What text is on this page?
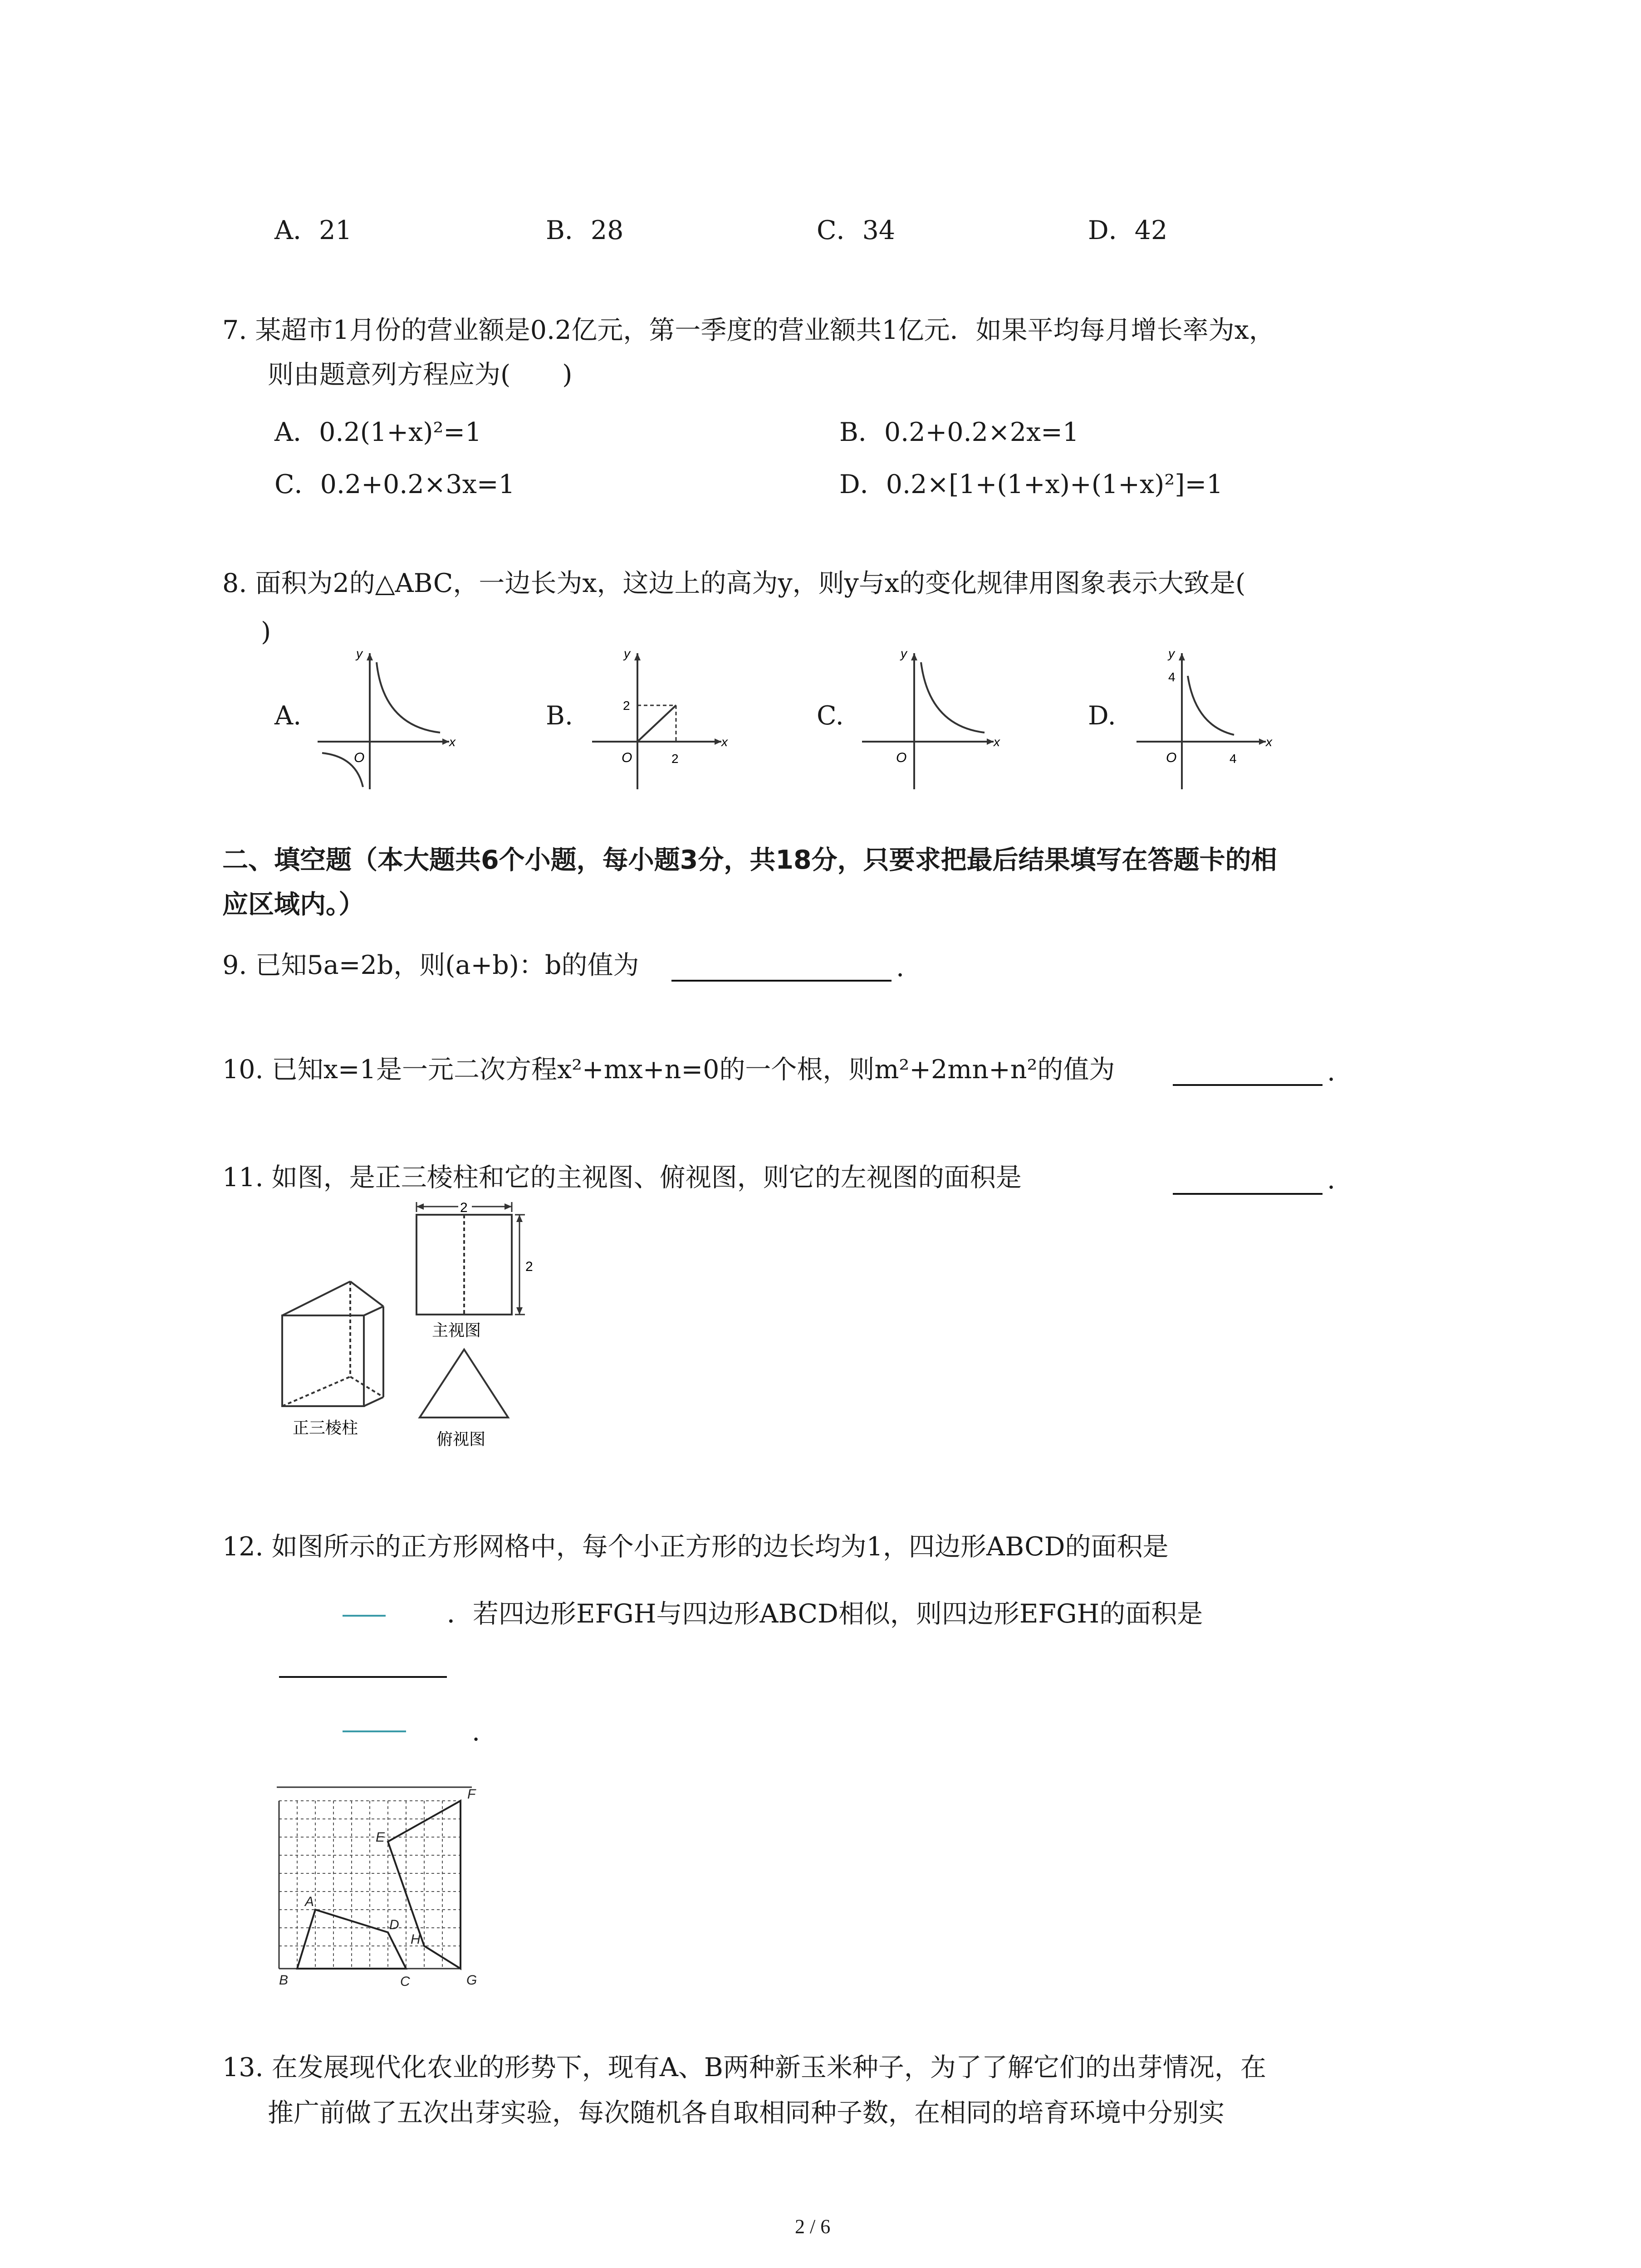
A．21	B．28	C．34	D．42
7. 某超市1月份的营业额是0.2亿元，第一季度的营业额共1亿元．如果平均每月增长率为x，
则由题意列方程应为(　　)
A．0.2(1+x)²=1	B．0.2+0.2×2x=1
C．0.2+0.2×3x=1	D．0.2×[1+(1+x)+(1+x)²]=1
8. 面积为2的△ABC，一边长为x，这边上的高为y，则y与x的变化规律用图象表示大致是(
)
A.	B.	C.	D.
x
y
O
x
y
O
2
2
x
y
O
x
y
O
4
4
二、填空题（本大题共6个小题，每小题3分，共18分，只要求把最后结果填写在答题卡的相
应区域内。）
9. 已知5a=2b，则(a+b)：b的值为	.
10. 已知x=1是一元二次方程x²+mx+n=0的一个根，则m²+2mn+n²的值为	.
11. 如图，是正三棱柱和它的主视图、俯视图，则它的左视图的面积是	.
正三棱柱
2
2
主视图
俯视图
12. 如图所示的正方形网格中，每个小正方形的边长均为1，四边形ABCD的面积是
．若四边形EFGH与四边形ABCD相似，则四边形EFGH的面积是
.
A
B	C
D
E
F
G
H
13. 在发展现代化农业的形势下，现有A、B两种新玉米种子，为了了解它们的出芽情况，在
推广前做了五次出芽实验，每次随机各自取相同种子数，在相同的培育环境中分别实
2 / 6
